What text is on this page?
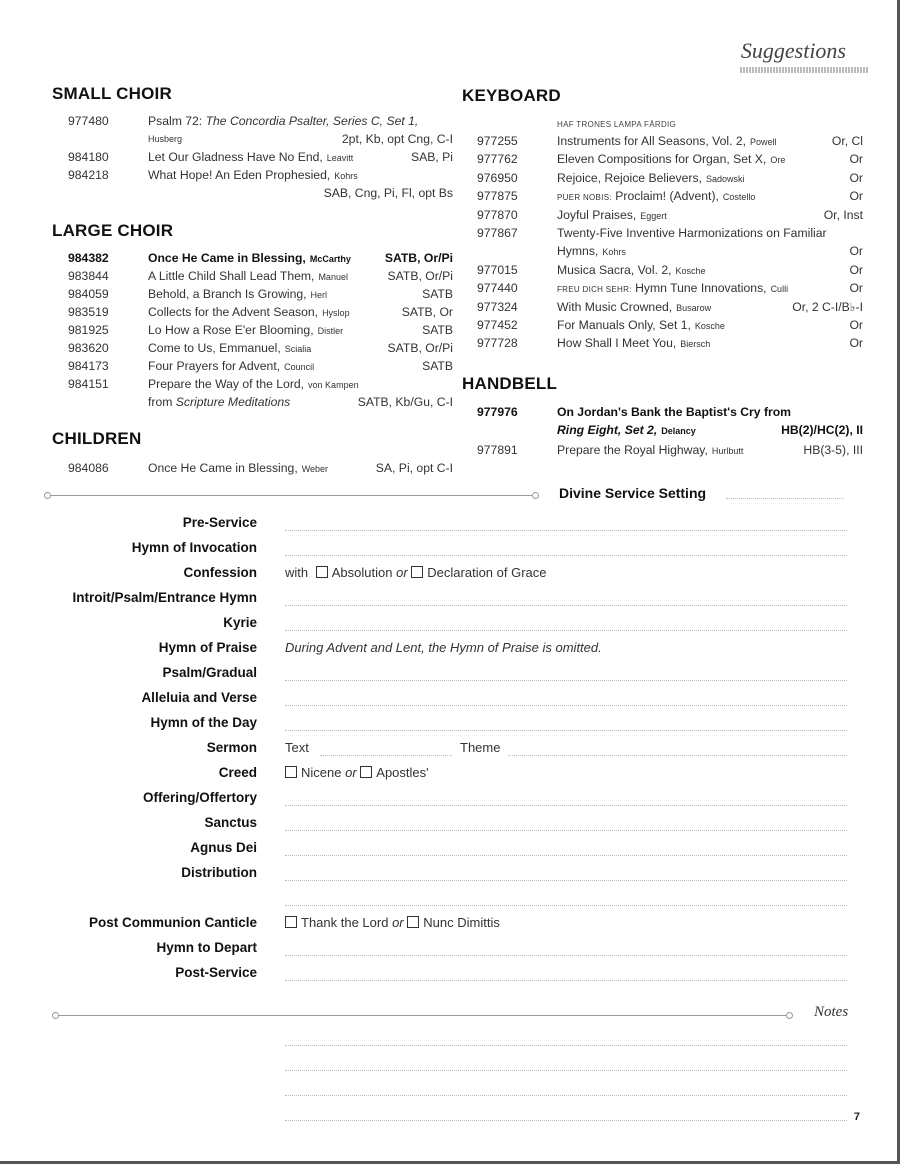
Suggestions
SMALL CHOIR
977480	Psalm 72: The Concordia Psalter, Series C, Set 1,
Husberg	2pt, Kb, opt Cng, C-I
984180	Let Our Gladness Have No End, Leavitt	SAB, Pi
984218	What Hope! An Eden Prophesied, Kohrs
SAB, Cng, Pi, Fl, opt Bs
LARGE CHOIR
984382	Once He Came in Blessing, McCarthy	SATB, Or/Pi
983844	A Little Child Shall Lead Them, Manuel	SATB, Or/Pi
984059	Behold, a Branch Is Growing, Herl	SATB
983519	Collects for the Advent Season, Hyslop	SATB, Or
981925	Lo How a Rose E'er Blooming, Distler	SATB
983620	Come to Us, Emmanuel, Scialia	SATB, Or/Pi
984173	Four Prayers for Advent, Council	SATB
984151	Prepare the Way of the Lord, von Kampen
from Scripture Meditations	SATB, Kb/Gu, C-I
CHILDREN
984086	Once He Came in Blessing, Weber	SA, Pi, opt C-I
KEYBOARD
HAF TRONES LAMPA FÄRDIG
977255	Instruments for All Seasons, Vol. 2, Powell	Or, Cl
977762	Eleven Compositions for Organ, Set X, Ore	Or
976950	Rejoice, Rejoice Believers, Sadowski	Or
977875	PUER NOBIS: Proclaim! (Advent), Costello	Or
977870	Joyful Praises, Eggert	Or, Inst
977867	Twenty-Five Inventive Harmonizations on Familiar
Hymns, Kohrs	Or
977015	Musica Sacra, Vol. 2, Kosche	Or
977440	FREU DICH SEHR: Hymn Tune Innovations, Culli	Or
977324	With Music Crowned, Busarow	Or, 2 C-I/B♭-I
977452	For Manuals Only, Set 1, Kosche	Or
977728	How Shall I Meet You, Biersch	Or
HANDBELL
977976	On Jordan's Bank the Baptist's Cry from
Ring Eight, Set 2, Delancy	HB(2)/HC(2), II
977891	Prepare the Royal Highway, Hurlbutt	HB(3-5), III
Divine Service Setting
Pre-Service
Hymn of Invocation
Confession with Absolution or Declaration of Grace
Introit/Psalm/Entrance Hymn
Kyrie
Hymn of Praise During Advent and Lent, the Hymn of Praise is omitted.
Psalm/Gradual
Alleluia and Verse
Hymn of the Day
Sermon Text	Theme
Creed	Nicene or Apostles'
Offering/Offertory
Sanctus
Agnus Dei
Distribution
Post Communion Canticle	Thank the Lord or Nunc Dimittis
Hymn to Depart
Post-Service
Notes
7
